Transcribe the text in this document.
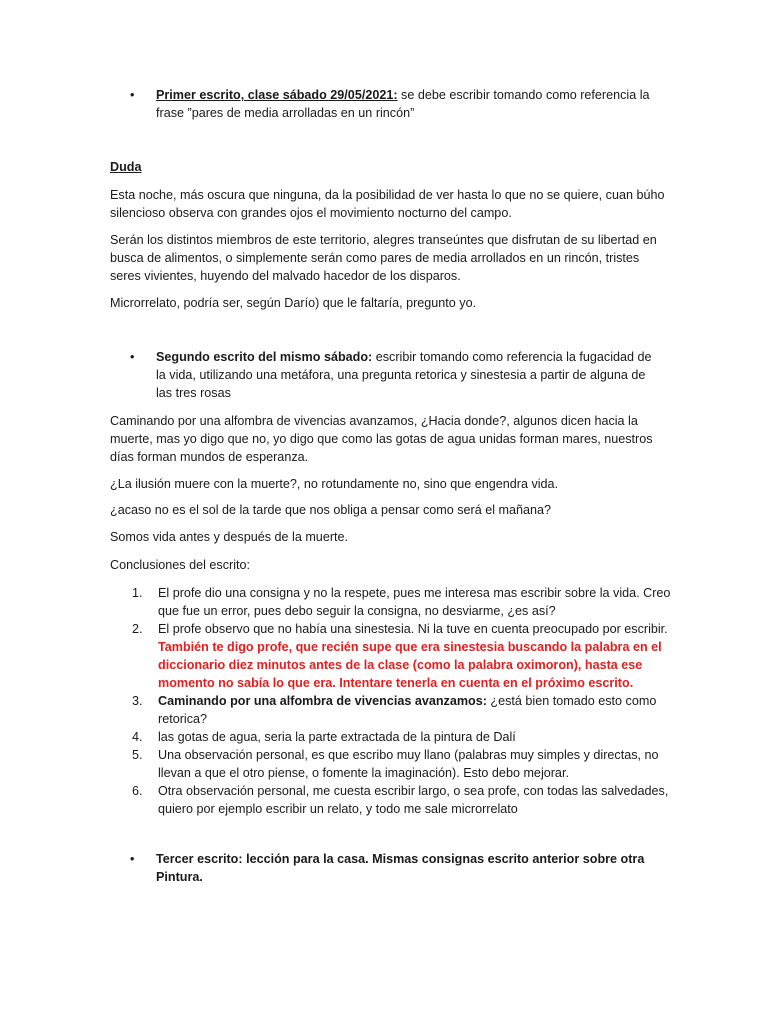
• Primer escrito, clase sábado 29/05/2021: se debe escribir tomando como referencia la frase ”pares de media arrolladas en un rincón”
Duda
Esta noche, más oscura que ninguna, da la posibilidad de ver hasta lo que no se quiere, cuan búho silencioso observa con grandes ojos el movimiento nocturno del campo.
Serán los distintos miembros de este territorio, alegres transeúntes que disfrutan de su libertad en busca de alimentos, o simplemente serán como pares de media arrollados en un rincón, tristes seres vivientes, huyendo del malvado hacedor de los disparos.
Microrrelato, podría ser, según Darío) que le faltaría, pregunto yo.
• Segundo escrito del mismo sábado: escribir tomando como referencia la fugacidad de la vida, utilizando una metáfora, una pregunta retorica y sinestesia a partir de alguna de las tres rosas
Caminando por una alfombra de vivencias avanzamos, ¿Hacia donde?, algunos dicen hacia la muerte, mas yo digo que no, yo digo que como las gotas de agua unidas forman mares, nuestros días forman mundos de esperanza.
¿La ilusión muere con la muerte?, no rotundamente no, sino que engendra vida.
¿acaso no es el sol de la tarde que nos obliga a pensar como será el mañana?
Somos vida antes y después de la muerte.
Conclusiones del escrito:
1. El profe dio una consigna y no la respete, pues me interesa mas escribir sobre la vida. Creo que fue un error, pues debo seguir la consigna, no desviarme, ¿es así?
2. El profe observo que no había una sinestesia. Ni la tuve en cuenta preocupado por escribir. También te digo profe, que recién supe que era sinestesia buscando la palabra en el diccionario diez minutos antes de la clase (como la palabra oximoron), hasta ese momento no sabía lo que era. Intentare tenerla en cuenta en el próximo escrito.
3. Caminando por una alfombra de vivencias avanzamos: ¿está bien tomado esto como retorica?
4. las gotas de agua, seria la parte extractada de la pintura de Dalí
5. Una observación personal, es que escribo muy llano (palabras muy simples y directas, no llevan a que el otro piense, o fomente la imaginación). Esto debo mejorar.
6. Otra observación personal, me cuesta escribir largo, o sea profe, con todas las salvedades, quiero por ejemplo escribir un relato, y todo me sale microrrelato
• Tercer escrito: lección para la casa. Mismas consignas escrito anterior sobre otra Pintura.
